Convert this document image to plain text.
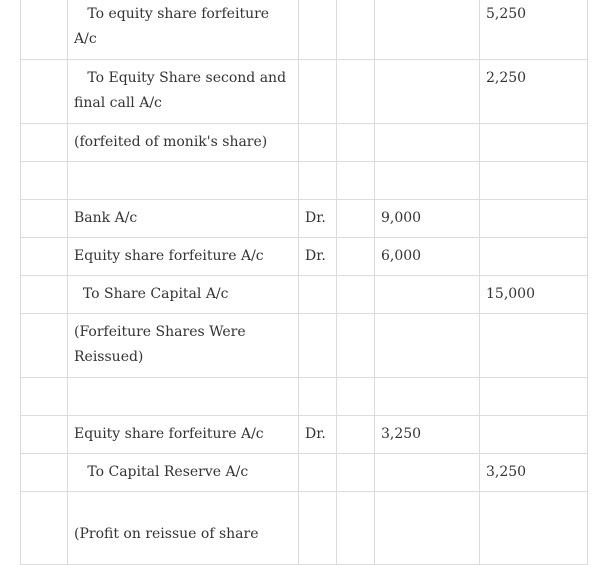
	To equity share forfeiture A/c				5,250
	To Equity Share second and final call A/c				2,250
	(forfeited of monik's share)				

	Bank A/c	Dr.		9,000	
	Equity share forfeiture A/c	Dr.		6,000	
	To Share Capital A/c				15,000
	(Forfeiture Shares Were Reissued)				

	Equity share forfeiture A/c	Dr.		3,250	
	To Capital Reserve A/c				3,250
	(Profit on reissue of share				
